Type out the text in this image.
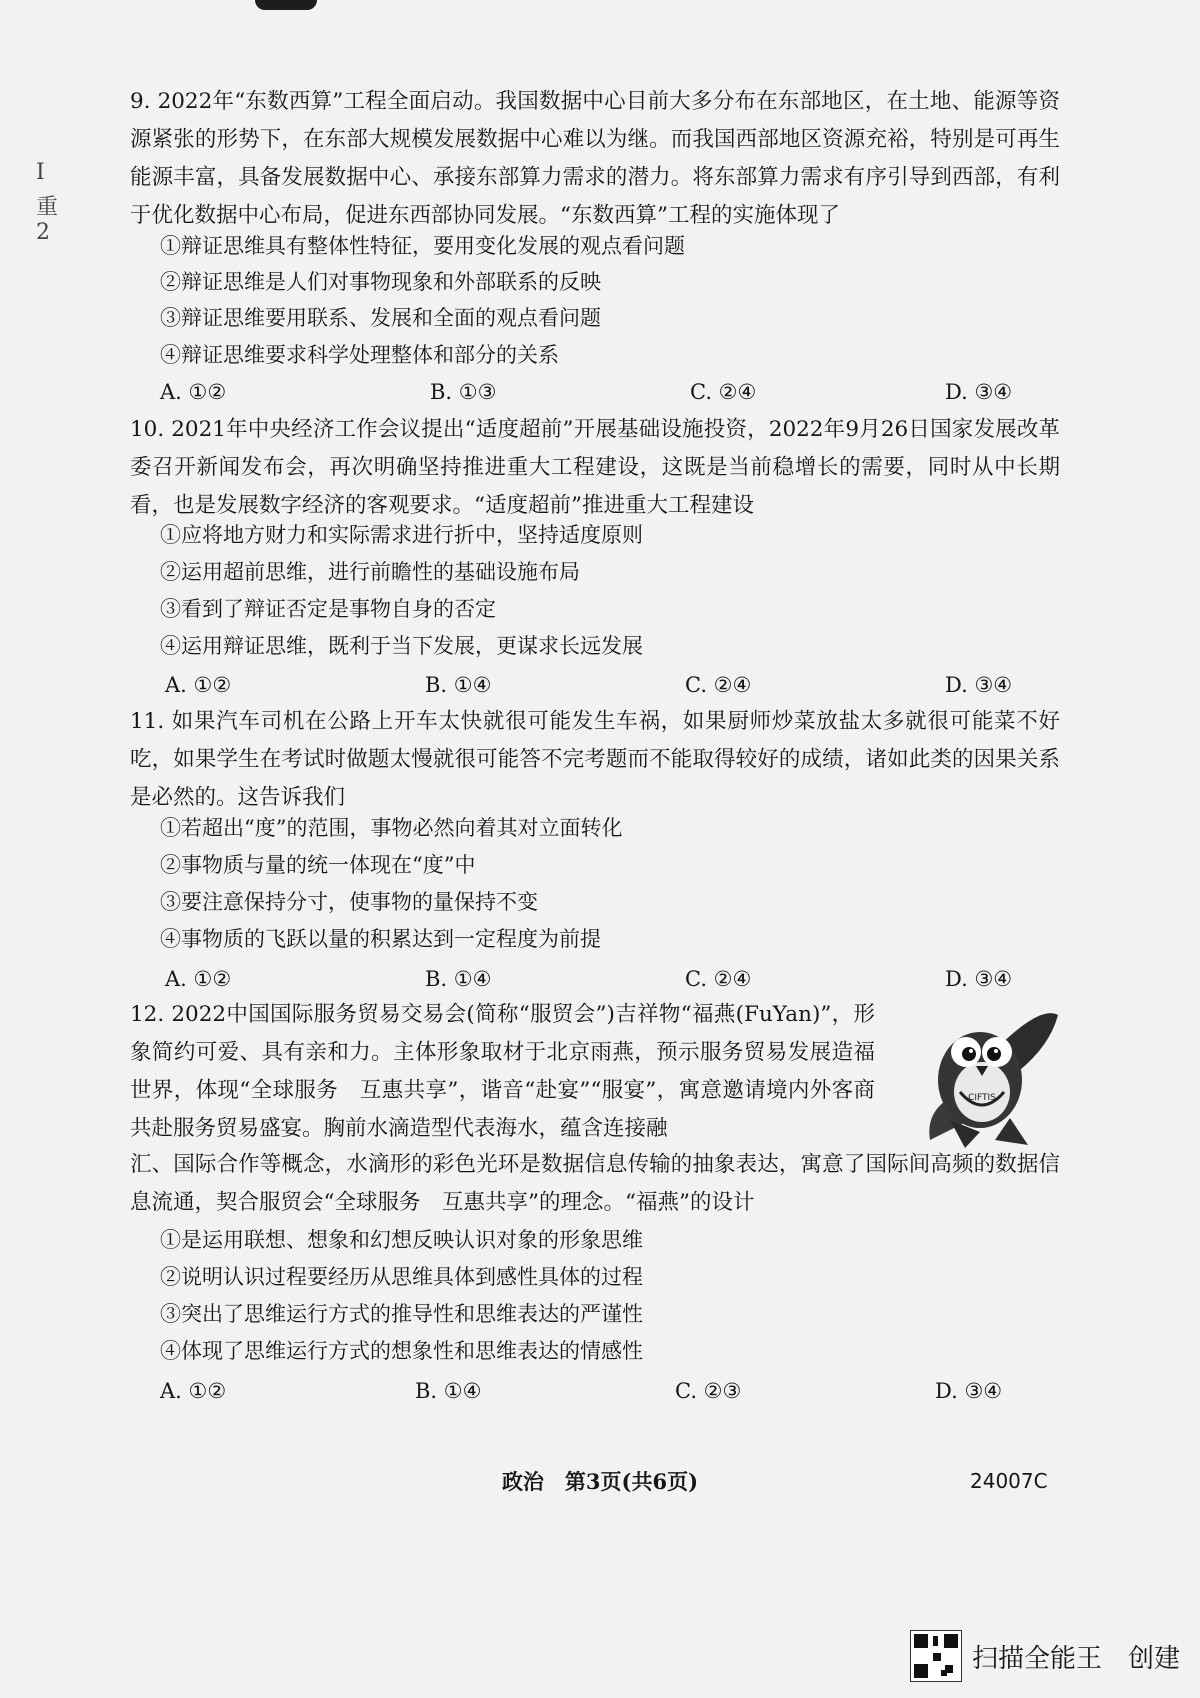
I
重
2
9. 2022年“东数西算”工程全面启动。我国数据中心目前大多分布在东部地区，在土地、能源等资源紧张的形势下，在东部大规模发展数据中心难以为继。而我国西部地区资源充裕，特别是可再生能源丰富，具备发展数据中心、承接东部算力需求的潜力。将东部算力需求有序引导到西部，有利于优化数据中心布局，促进东西部协同发展。“东数西算”工程的实施体现了
①辩证思维具有整体性特征，要用变化发展的观点看问题
②辩证思维是人们对事物现象和外部联系的反映
③辩证思维要用联系、发展和全面的观点看问题
④辩证思维要求科学处理整体和部分的关系
A. ①②	B. ①③	C. ②④	D. ③④
10. 2021年中央经济工作会议提出“适度超前”开展基础设施投资，2022年9月26日国家发展改革委召开新闻发布会，再次明确坚持推进重大工程建设，这既是当前稳增长的需要，同时从中长期看，也是发展数字经济的客观要求。“适度超前”推进重大工程建设
①应将地方财力和实际需求进行折中，坚持适度原则
②运用超前思维，进行前瞻性的基础设施布局
③看到了辩证否定是事物自身的否定
④运用辩证思维，既利于当下发展，更谋求长远发展
A. ①②	B. ①④	C. ②④	D. ③④
11. 如果汽车司机在公路上开车太快就很可能发生车祸，如果厨师炒菜放盐太多就很可能菜不好吃，如果学生在考试时做题太慢就很可能答不完考题而不能取得较好的成绩，诸如此类的因果关系是必然的。这告诉我们
①若超出“度”的范围，事物必然向着其对立面转化
②事物质与量的统一体现在“度”中
③要注意保持分寸，使事物的量保持不变
④事物质的飞跃以量的积累达到一定程度为前提
A. ①②	B. ①④	C. ②④	D. ③④
12. 2022中国国际服务贸易交易会(简称“服贸会”)吉祥物“福燕(FuYan)”，形象简约可爱、具有亲和力。主体形象取材于北京雨燕，预示服务贸易发展造福世界，体现“全球服务　互惠共享”，谐音“赴宴”“服宴”，寓意邀请境内外客商共赴服务贸易盛宴。胸前水滴造型代表海水，蕴含连接融
CIFTIS
汇、国际合作等概念，水滴形的彩色光环是数据信息传输的抽象表达，寓意了国际间高频的数据信息流通，契合服贸会“全球服务　互惠共享”的理念。“福燕”的设计
①是运用联想、想象和幻想反映认识对象的形象思维
②说明认识过程要经历从思维具体到感性具体的过程
③突出了思维运行方式的推导性和思维表达的严谨性
④体现了思维运行方式的想象性和思维表达的情感性
A. ①②	B. ①④	C. ②③	D. ③④
政治　第3页(共6页)	24007C
扫描全能王　创建
